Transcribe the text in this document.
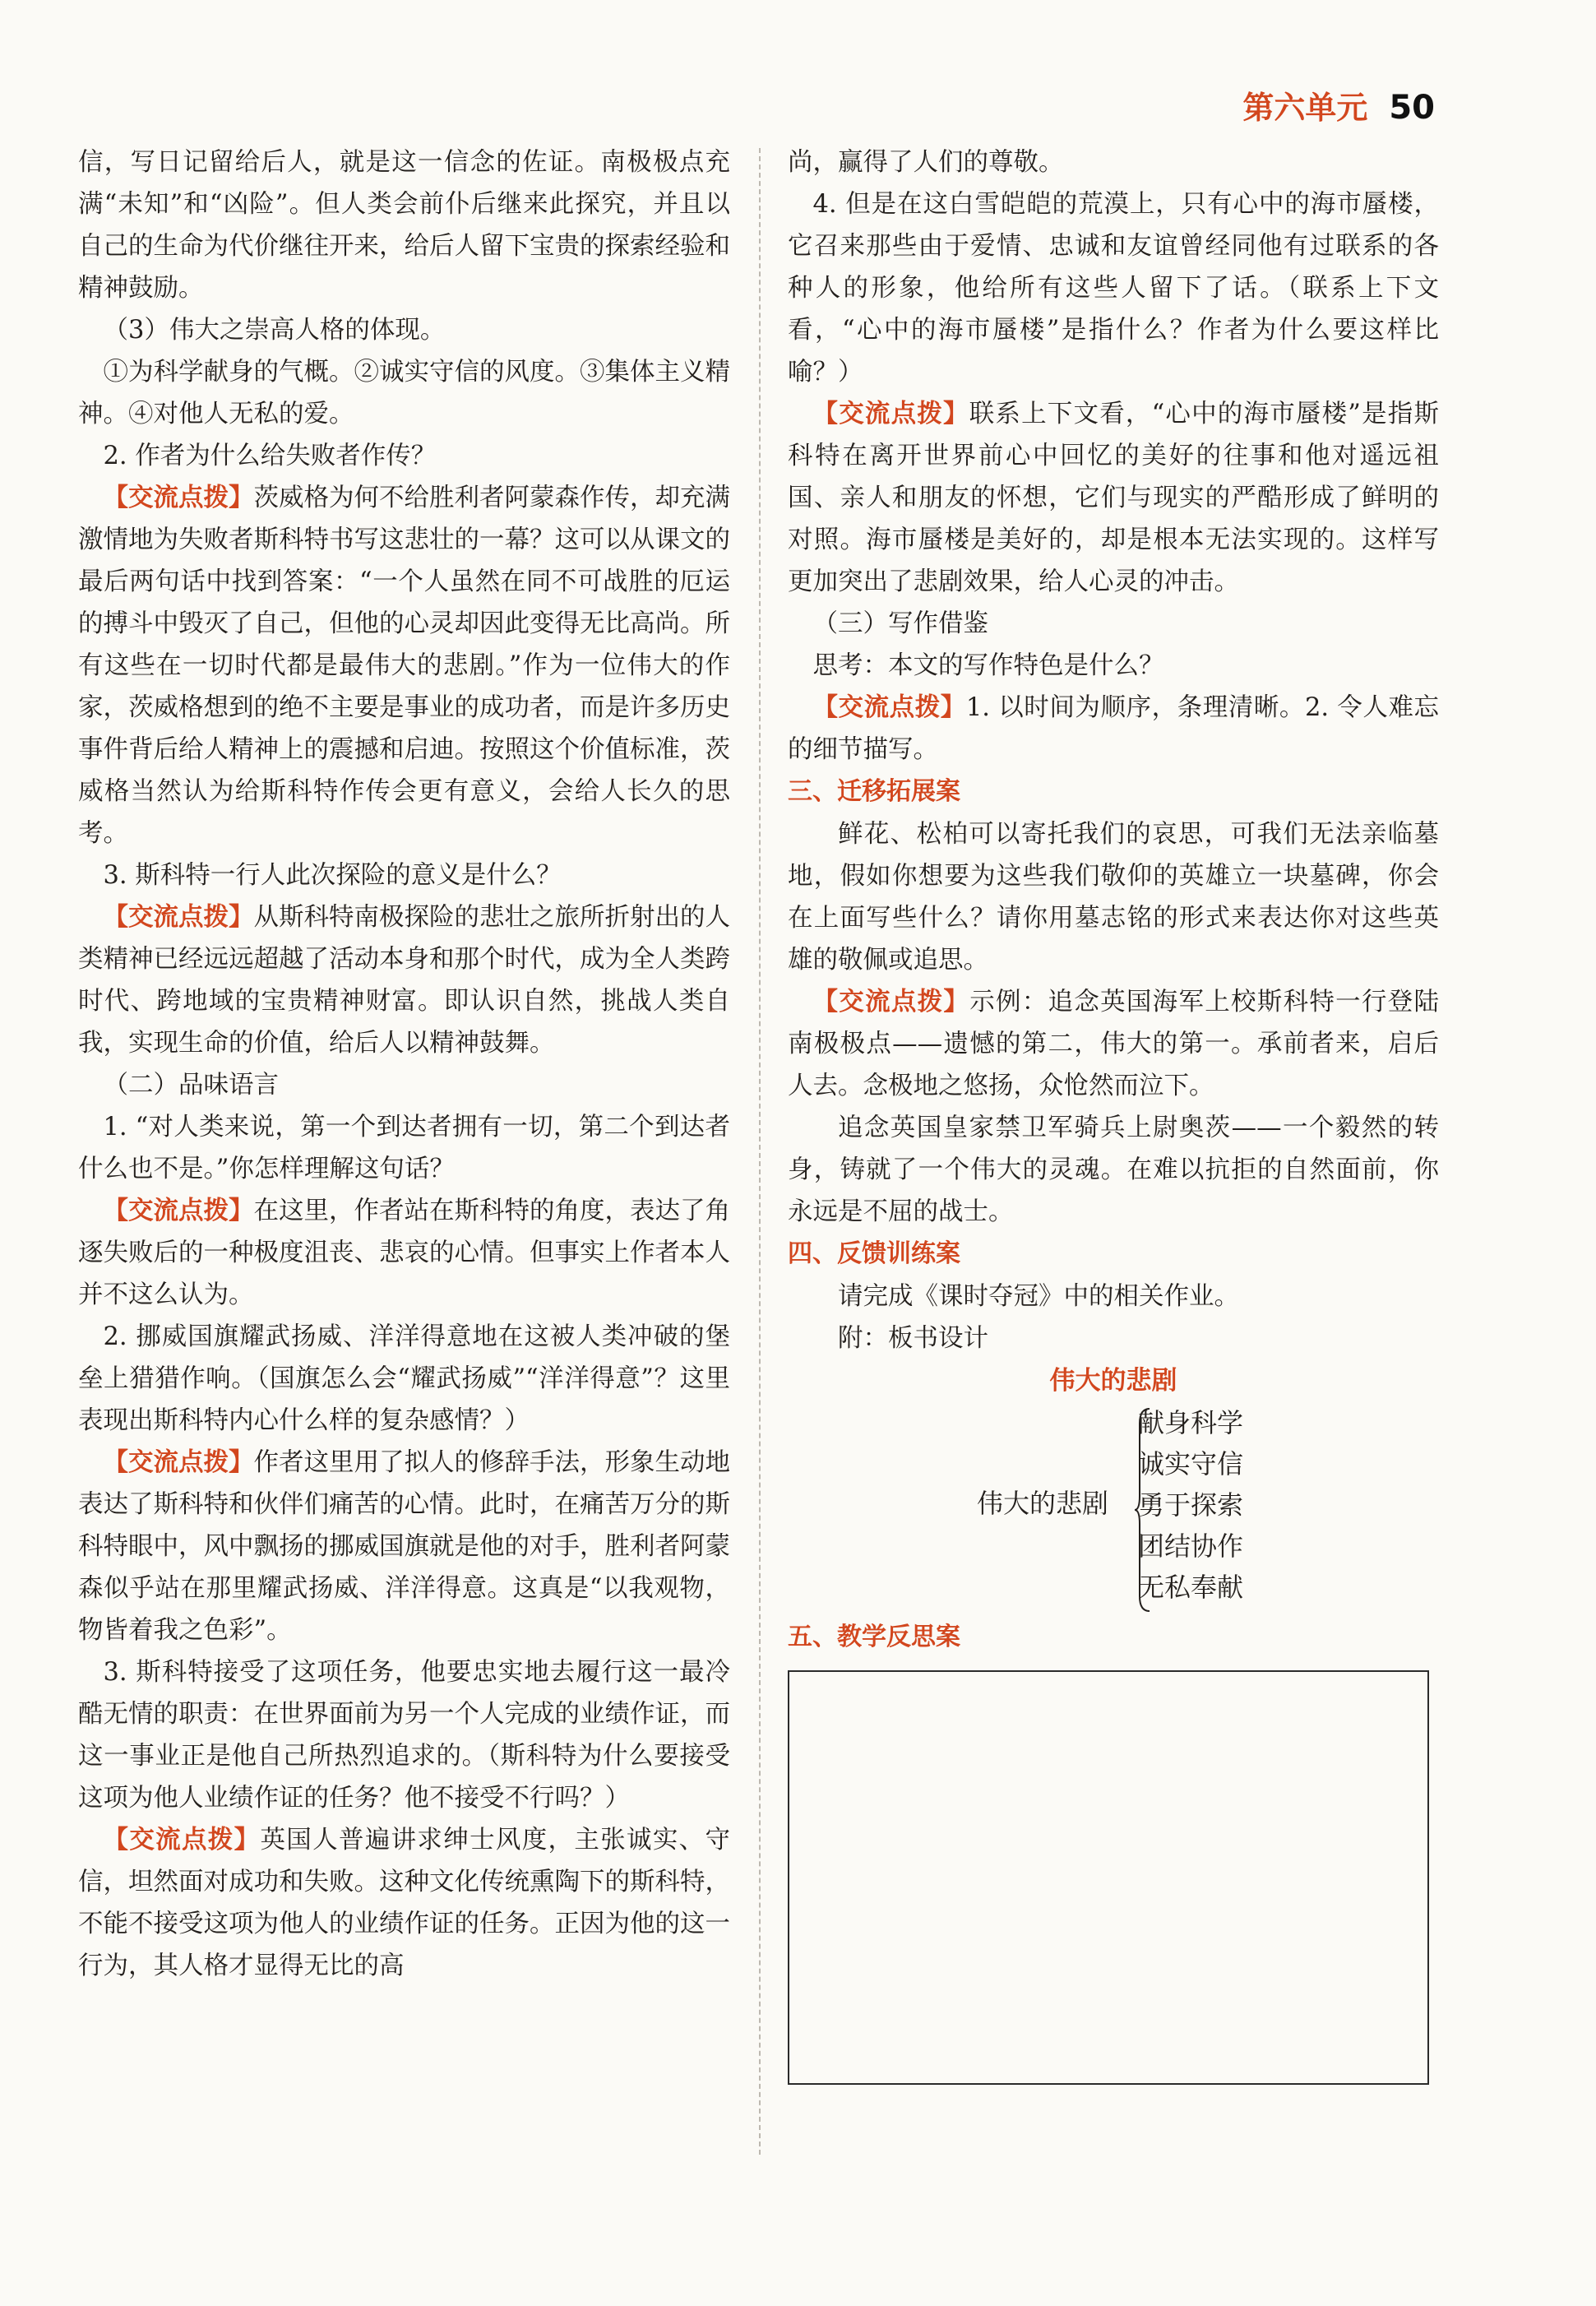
第六单元 50

信，写日记留给后人，就是这一信念的佐证。南极极点充满“未知”和“凶险”。但人类会前仆后继来此探究，并且以自己的生命为代价继往开来，给后人留下宝贵的探索经验和精神鼓励。

（3）伟大之崇高人格的体现。

①为科学献身的气概。②诚实守信的风度。③集体主义精神。④对他人无私的爱。

2. 作者为什么给失败者作传？

【交流点拨】茨威格为何不给胜利者阿蒙森作传，却充满激情地为失败者斯科特书写这悲壮的一幕？这可以从课文的最后两句话中找到答案：“一个人虽然在同不可战胜的厄运的搏斗中毁灭了自己，但他的心灵却因此变得无比高尚。所有这些在一切时代都是最伟大的悲剧。”作为一位伟大的作家，茨威格想到的绝不主要是事业的成功者，而是许多历史事件背后给人精神上的震撼和启迪。按照这个价值标准，茨威格当然认为给斯科特作传会更有意义，会给人长久的思考。

3. 斯科特一行人此次探险的意义是什么？

【交流点拨】从斯科特南极探险的悲壮之旅所折射出的人类精神已经远远超越了活动本身和那个时代，成为全人类跨时代、跨地域的宝贵精神财富。即认识自然，挑战人类自我，实现生命的价值，给后人以精神鼓舞。

（二）品味语言

1. “对人类来说，第一个到达者拥有一切，第二个到达者什么也不是。”你怎样理解这句话？

【交流点拨】在这里，作者站在斯科特的角度，表达了角逐失败后的一种极度沮丧、悲哀的心情。但事实上作者本人并不这么认为。

2. 挪威国旗耀武扬威、洋洋得意地在这被人类冲破的堡垒上猎猎作响。（国旗怎么会“耀武扬威”“洋洋得意”？这里表现出斯科特内心什么样的复杂感情？）

【交流点拨】作者这里用了拟人的修辞手法，形象生动地表达了斯科特和伙伴们痛苦的心情。此时，在痛苦万分的斯科特眼中，风中飘扬的挪威国旗就是他的对手，胜利者阿蒙森似乎站在那里耀武扬威、洋洋得意。这真是“以我观物，物皆着我之色彩”。

3. 斯科特接受了这项任务，他要忠实地去履行这一最冷酷无情的职责：在世界面前为另一个人完成的业绩作证，而这一事业正是他自己所热烈追求的。（斯科特为什么要接受这项为他人业绩作证的任务？他不接受不行吗？）

【交流点拨】英国人普遍讲求绅士风度，主张诚实、守信，坦然面对成功和失败。这种文化传统熏陶下的斯科特，不能不接受这项为他人的业绩作证的任务。正因为他的这一行为，其人格才显得无比的高

尚，赢得了人们的尊敬。

4. 但是在这白雪皑皑的荒漠上，只有心中的海市蜃楼，它召来那些由于爱情、忠诚和友谊曾经同他有过联系的各种人的形象，他给所有这些人留下了话。（联系上下文看，“心中的海市蜃楼”是指什么？作者为什么要这样比喻？）

【交流点拨】联系上下文看，“心中的海市蜃楼”是指斯科特在离开世界前心中回忆的美好的往事和他对遥远祖国、亲人和朋友的怀想，它们与现实的严酷形成了鲜明的对照。海市蜃楼是美好的，却是根本无法实现的。这样写更加突出了悲剧效果，给人心灵的冲击。

（三）写作借鉴

思考：本文的写作特色是什么？

【交流点拨】1. 以时间为顺序，条理清晰。2. 令人难忘的细节描写。

三、迁移拓展案

鲜花、松柏可以寄托我们的哀思，可我们无法亲临墓地，假如你想要为这些我们敬仰的英雄立一块墓碑，你会在上面写些什么？请你用墓志铭的形式来表达你对这些英雄的敬佩或追思。

【交流点拨】示例：追念英国海军上校斯科特一行登陆南极极点——遗憾的第二，伟大的第一。承前者来，启后人去。念极地之悠扬，众怆然而泣下。

追念英国皇家禁卫军骑兵上尉奥茨——一个毅然的转身，铸就了一个伟大的灵魂。在难以抗拒的自然面前，你永远是不屈的战士。

四、反馈训练案

请完成《课时夺冠》中的相关作业。

附：板书设计

伟大的悲剧

伟大的悲剧
献身科学
诚实守信
勇于探索
团结协作
无私奉献

五、教学反思案
